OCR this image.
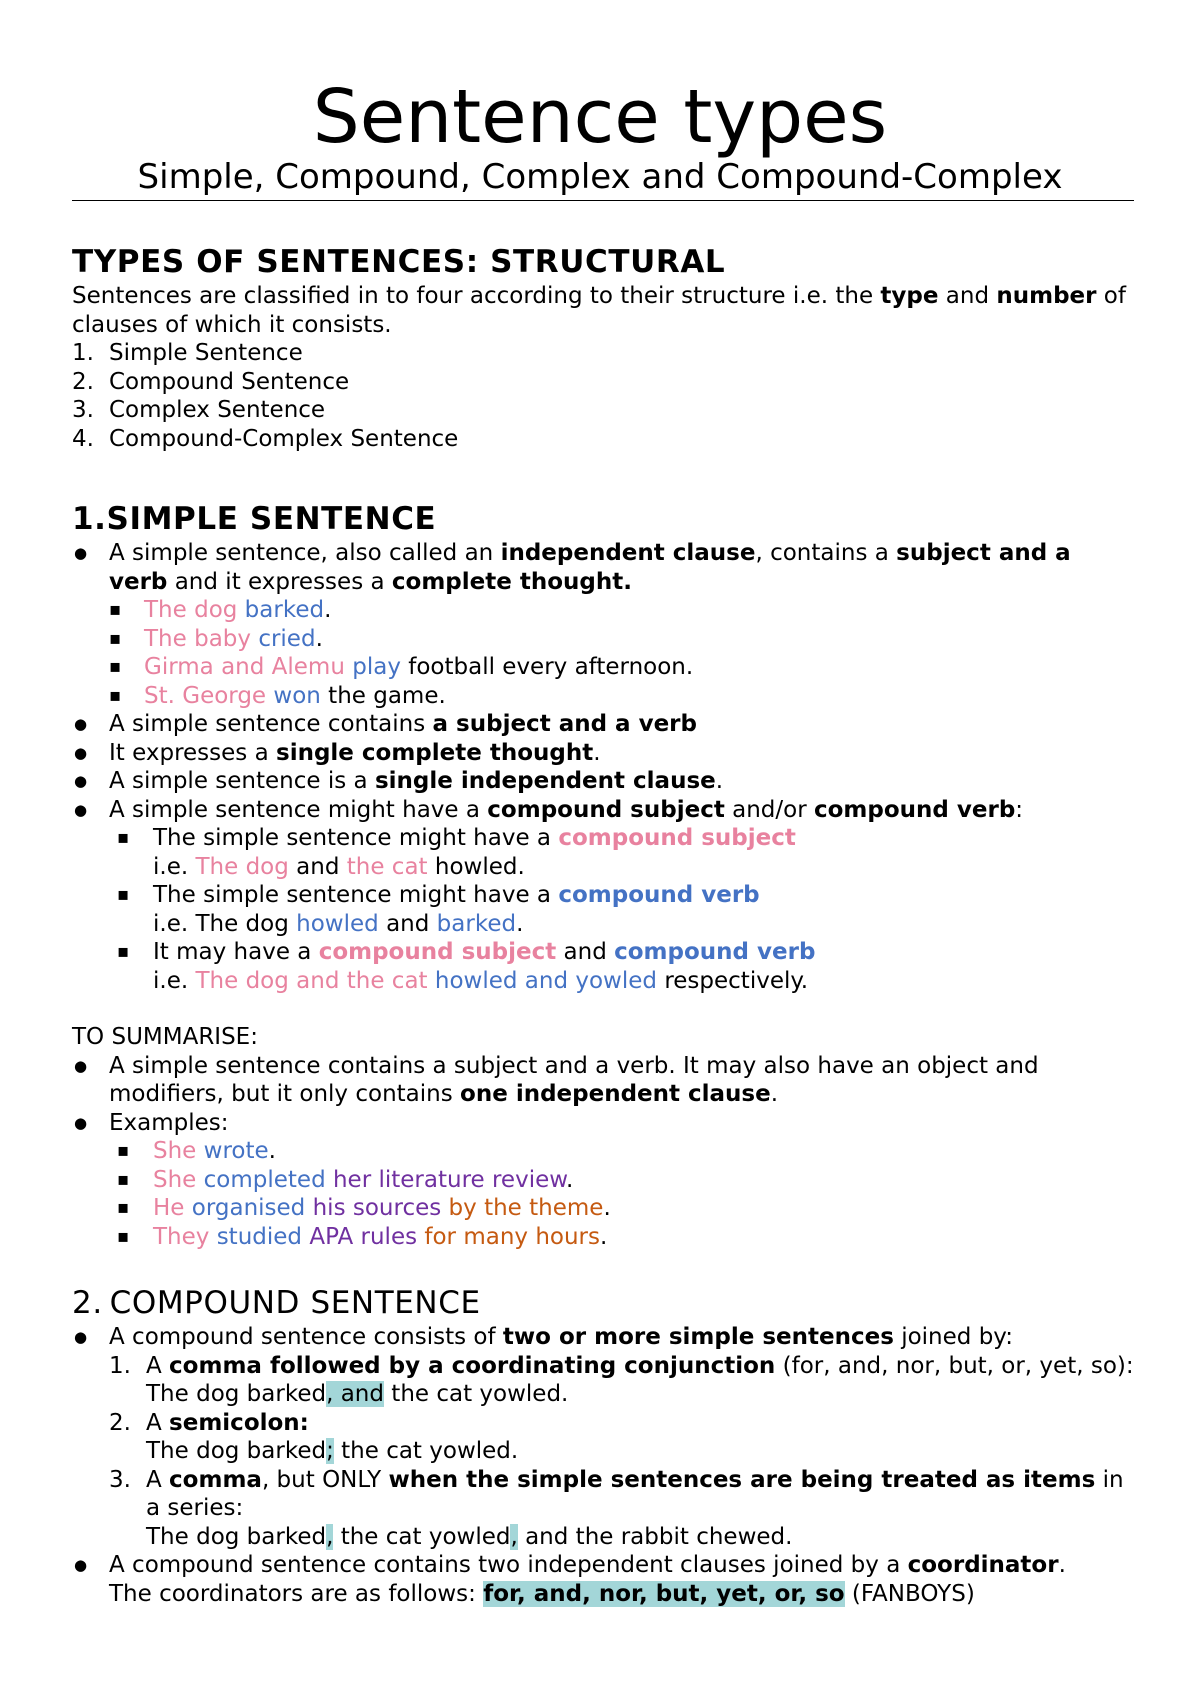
Sentence types
Simple, Compound, Complex and Compound-Complex
TYPES OF SENTENCES: STRUCTURAL

Sentences are classified in to four according to their structure i.e. the type and number of clauses of which it consists.

1. Simple Sentence
2. Compound Sentence
3. Complex Sentence
4. Compound-Complex Sentence
1.SIMPLE SENTENCE
● A simple sentence, also called an independent clause, contains a subject and a verb and it expresses a complete thought.
▪ The dog barked.
▪ The baby cried.
▪ Girma and Alemu play football every afternoon.
▪ St. George won the game.
● A simple sentence contains a subject and a verb
● It expresses a single complete thought.
● A simple sentence is a single independent clause.
● A simple sentence might have a compound subject and/or compound verb:
▪ The simple sentence might have a compound subject
i.e. The dog and the cat howled.
▪ The simple sentence might have a compound verb
i.e. The dog howled and barked.
▪ It may have a compound subject and compound verb
i.e. The dog and the cat howled and yowled respectively.
TO SUMMARISE:
● A simple sentence contains a subject and a verb. It may also have an object and modifiers, but it only contains one independent clause.
● Examples:
▪ She wrote.
▪ She completed her literature review.
▪ He organised his sources by the theme.
▪ They studied APA rules for many hours.
2. COMPOUND SENTENCE
● A compound sentence consists of two or more simple sentences joined by:
1. A comma followed by a coordinating conjunction (for, and, nor, but, or, yet, so):
The dog barked, and the cat yowled.
2. A semicolon:
The dog barked; the cat yowled.
3. A comma, but ONLY when the simple sentences are being treated as items in a series:
The dog barked, the cat yowled, and the rabbit chewed.
● A compound sentence contains two independent clauses joined by a coordinator.
The coordinators are as follows: for, and, nor, but, yet, or, so (FANBOYS)
